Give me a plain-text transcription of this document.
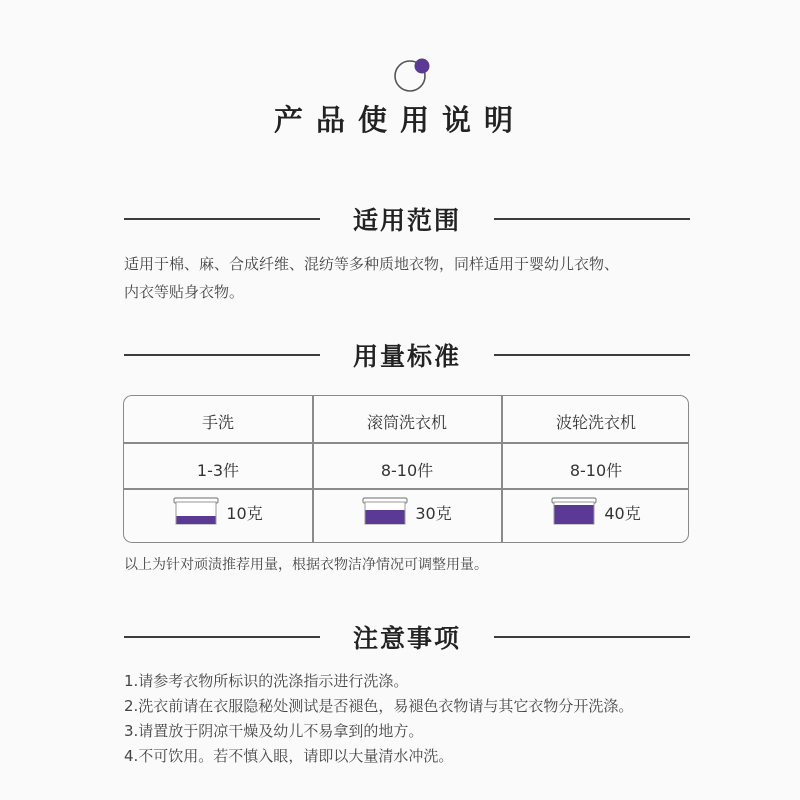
产品使用说明
适用范围
适用于棉、麻、合成纤维、混纺等多种质地衣物，同样适用于婴幼儿衣物、
内衣等贴身衣物。
用量标准
手洗
1-3件
10克
滚筒洗衣机
8-10件
30克
波轮洗衣机
8-10件
40克
以上为针对顽渍推荐用量，根据衣物洁净情况可调整用量。
注意事项
1.请参考衣物所标识的洗涤指示进行洗涤。
2.洗衣前请在衣服隐秘处测试是否褪色，易褪色衣物请与其它衣物分开洗涤。
3.请置放于阴凉干燥及幼儿不易拿到的地方。
4.不可饮用。若不慎入眼，请即以大量清水冲洗。
